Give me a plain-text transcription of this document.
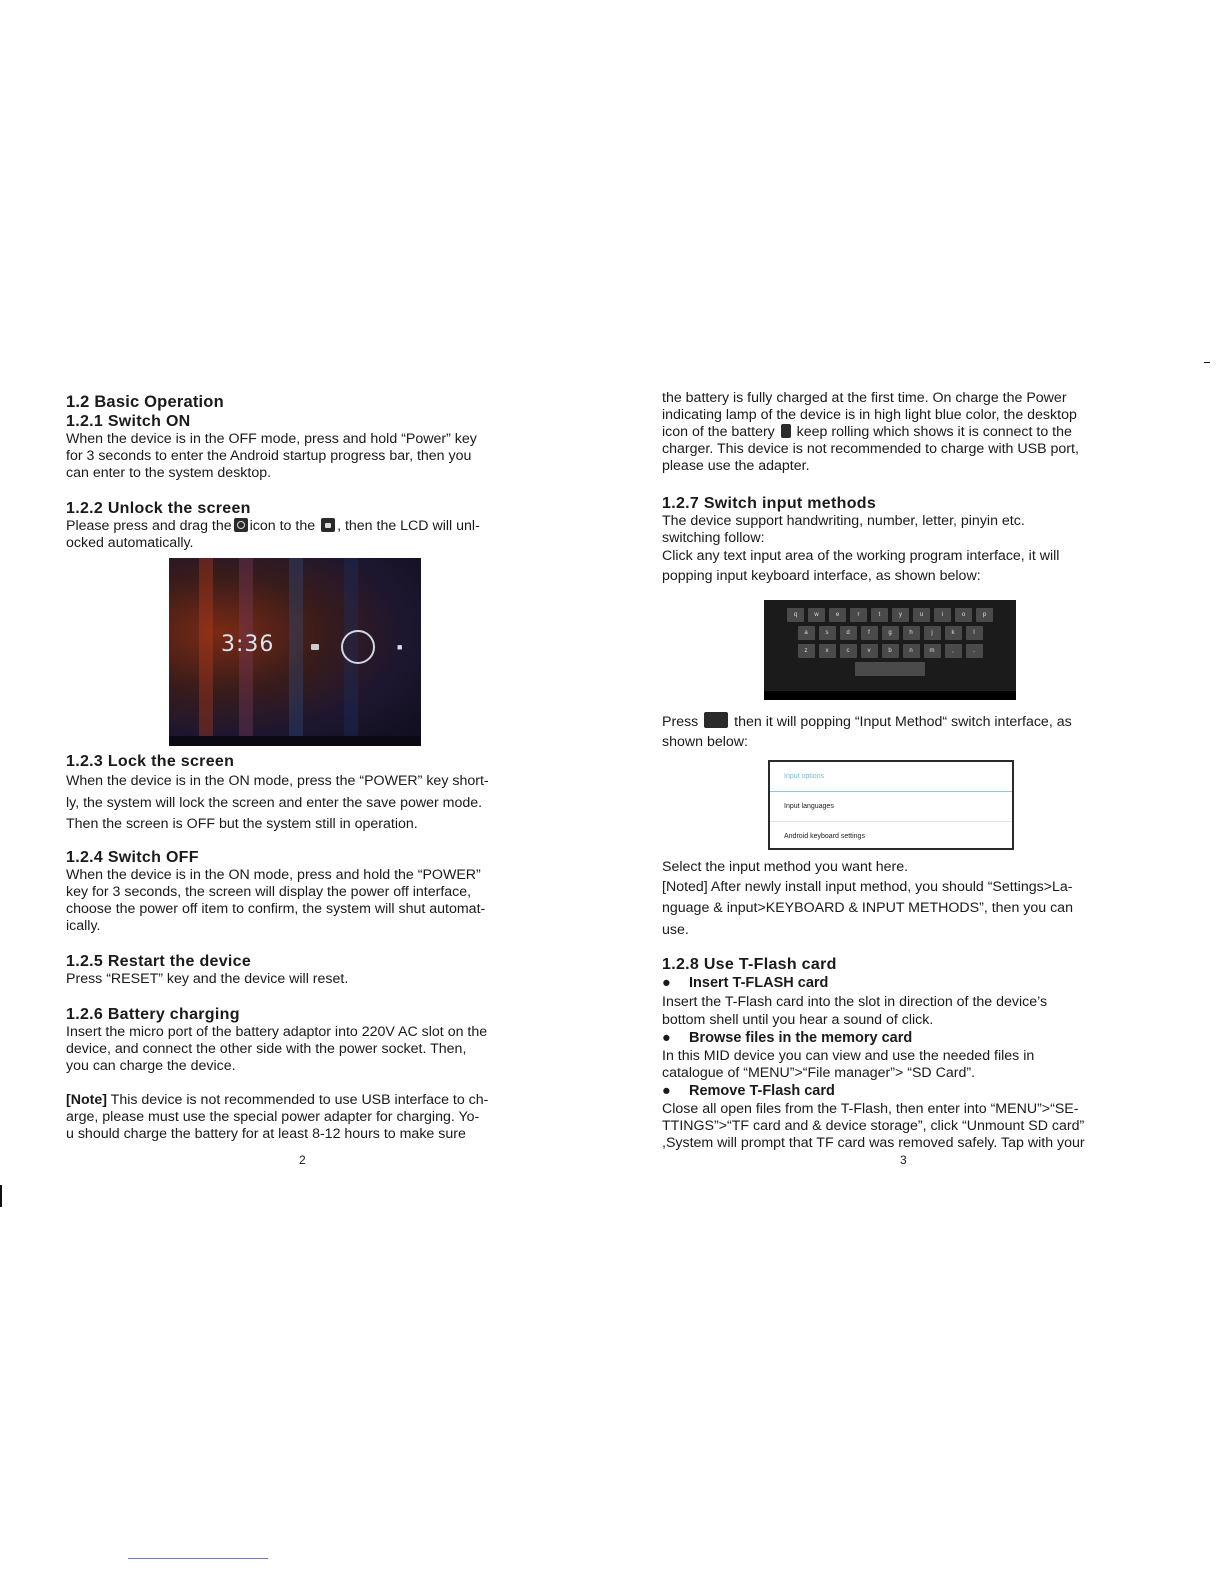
1.2 Basic Operation
1.2.1 Switch ON

When the device is in the OFF mode, press and hold “Power” key

for 3 seconds to enter the Android startup progress bar, then you

can enter to the system desktop.

1.2.2 Unlock the screen

Please press and drag the icon to the , then the LCD will unl-

ocked automatically.

3:36	■
1.2.3 Lock the screen

When the device is in the ON mode, press the “POWER” key short-

ly, the system will lock the screen and enter the save power mode.

Then the screen is OFF but the system still in operation.

1.2.4 Switch OFF

When the device is in the ON mode, press and hold the “POWER”

key for 3 seconds, the screen will display the power off interface,

choose the power off item to confirm, the system will shut automat-

ically.

1.2.5 Restart the device

Press “RESET” key and the device will reset.

1.2.6 Battery charging

Insert the micro port of the battery adaptor into 220V AC slot on the

device, and connect the other side with the power socket. Then,

you can charge the device.

[Note] This device is not recommended to use USB interface to ch-

arge, please must use the special power adapter for charging. Yo-

u should charge the battery for at least 8-12 hours to make sure

2

the battery is fully charged at the first time. On charge the Power

indicating lamp of the device is in high light blue color, the desktop

icon of the battery  keep rolling which shows it is connect to the

charger. This device is not recommended to charge with USB port,

please use the adapter.

1.2.7 Switch input methods

The device support handwriting, number, letter, pinyin etc.

switching follow:

Click any text input area of the working program interface, it will

popping input keyboard interface, as shown below:

q	w	e	r	t	y	u	i	o	p
a	s	d	f	g	h	j	k	l
z	x	c	v	b	n	m	,	.

Press  then it will popping “Input Method“ switch interface, as

shown below:

Input options
Input languages
Android keyboard settings

Select the input method you want here.

[Noted] After newly install input method, you should “Settings>La-

nguage & input>KEYBOARD & INPUT METHODS”, then you can

use.

1.2.8 Use T-Flash card
●	Insert T-FLASH card

Insert the T-Flash card into the slot in direction of the device’s

bottom shell until you hear a sound of click.

●	Browse files in the memory card

In this MID device you can view and use the needed files in

catalogue of “MENU”>“File manager”> “SD Card”.

●	Remove T-Flash card

Close all open files from the T-Flash, then enter into “MENU”>“SE-

TTINGS”>“TF card and & device storage”, click “Unmount SD card”

,System will prompt that TF card was removed safely. Tap with your

3
